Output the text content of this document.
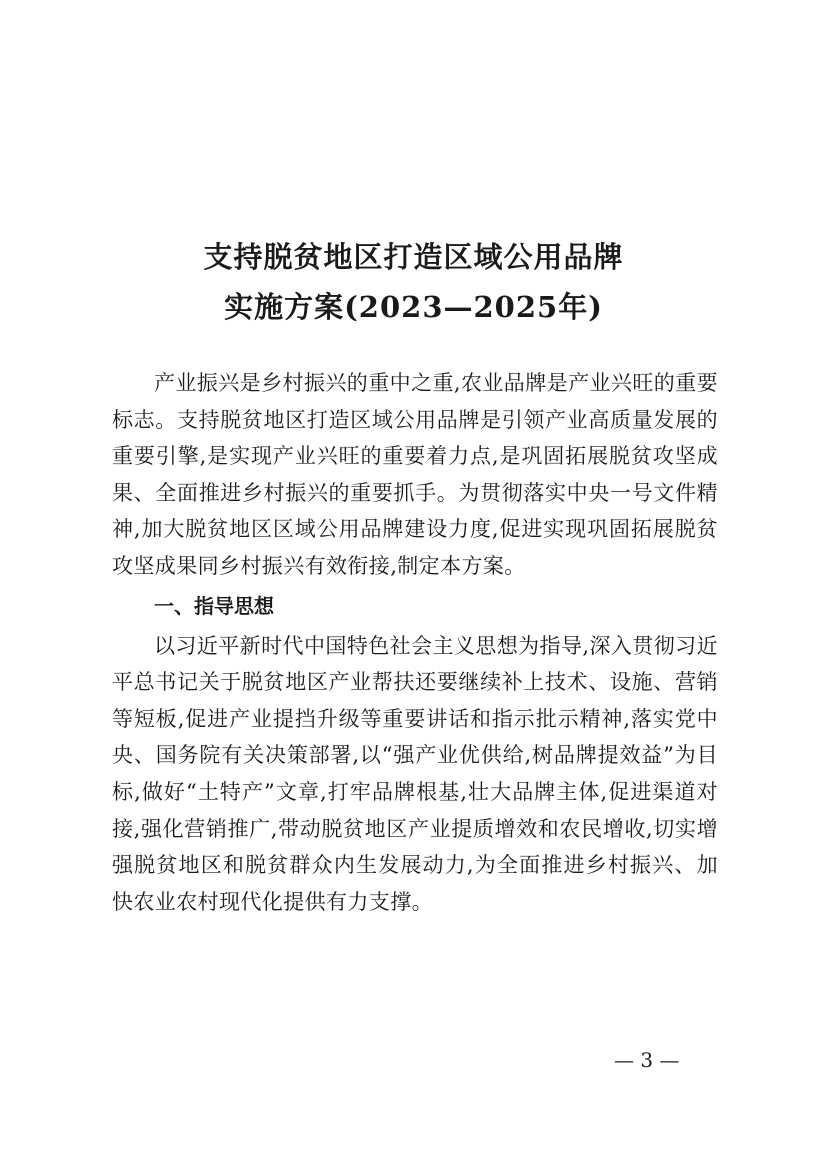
支持脱贫地区打造区域公用品牌
实施方案(2023—2025年)

产业振兴是乡村振兴的重中之重,农业品牌是产业兴旺的重要标志。支持脱贫地区打造区域公用品牌是引领产业高质量发展的重要引擎,是实现产业兴旺的重要着力点,是巩固拓展脱贫攻坚成果、全面推进乡村振兴的重要抓手。为贯彻落实中央一号文件精神,加大脱贫地区区域公用品牌建设力度,促进实现巩固拓展脱贫攻坚成果同乡村振兴有效衔接,制定本方案。

一、指导思想

以习近平新时代中国特色社会主义思想为指导,深入贯彻习近平总书记关于脱贫地区产业帮扶还要继续补上技术、设施、营销等短板,促进产业提挡升级等重要讲话和指示批示精神,落实党中央、国务院有关决策部署,以“强产业优供给,树品牌提效益”为目标,做好“土特产”文章,打牢品牌根基,壮大品牌主体,促进渠道对接,强化营销推广,带动脱贫地区产业提质增效和农民增收,切实增强脱贫地区和脱贫群众内生发展动力,为全面推进乡村振兴、加快农业农村现代化提供有力支撑。

— 3 —
